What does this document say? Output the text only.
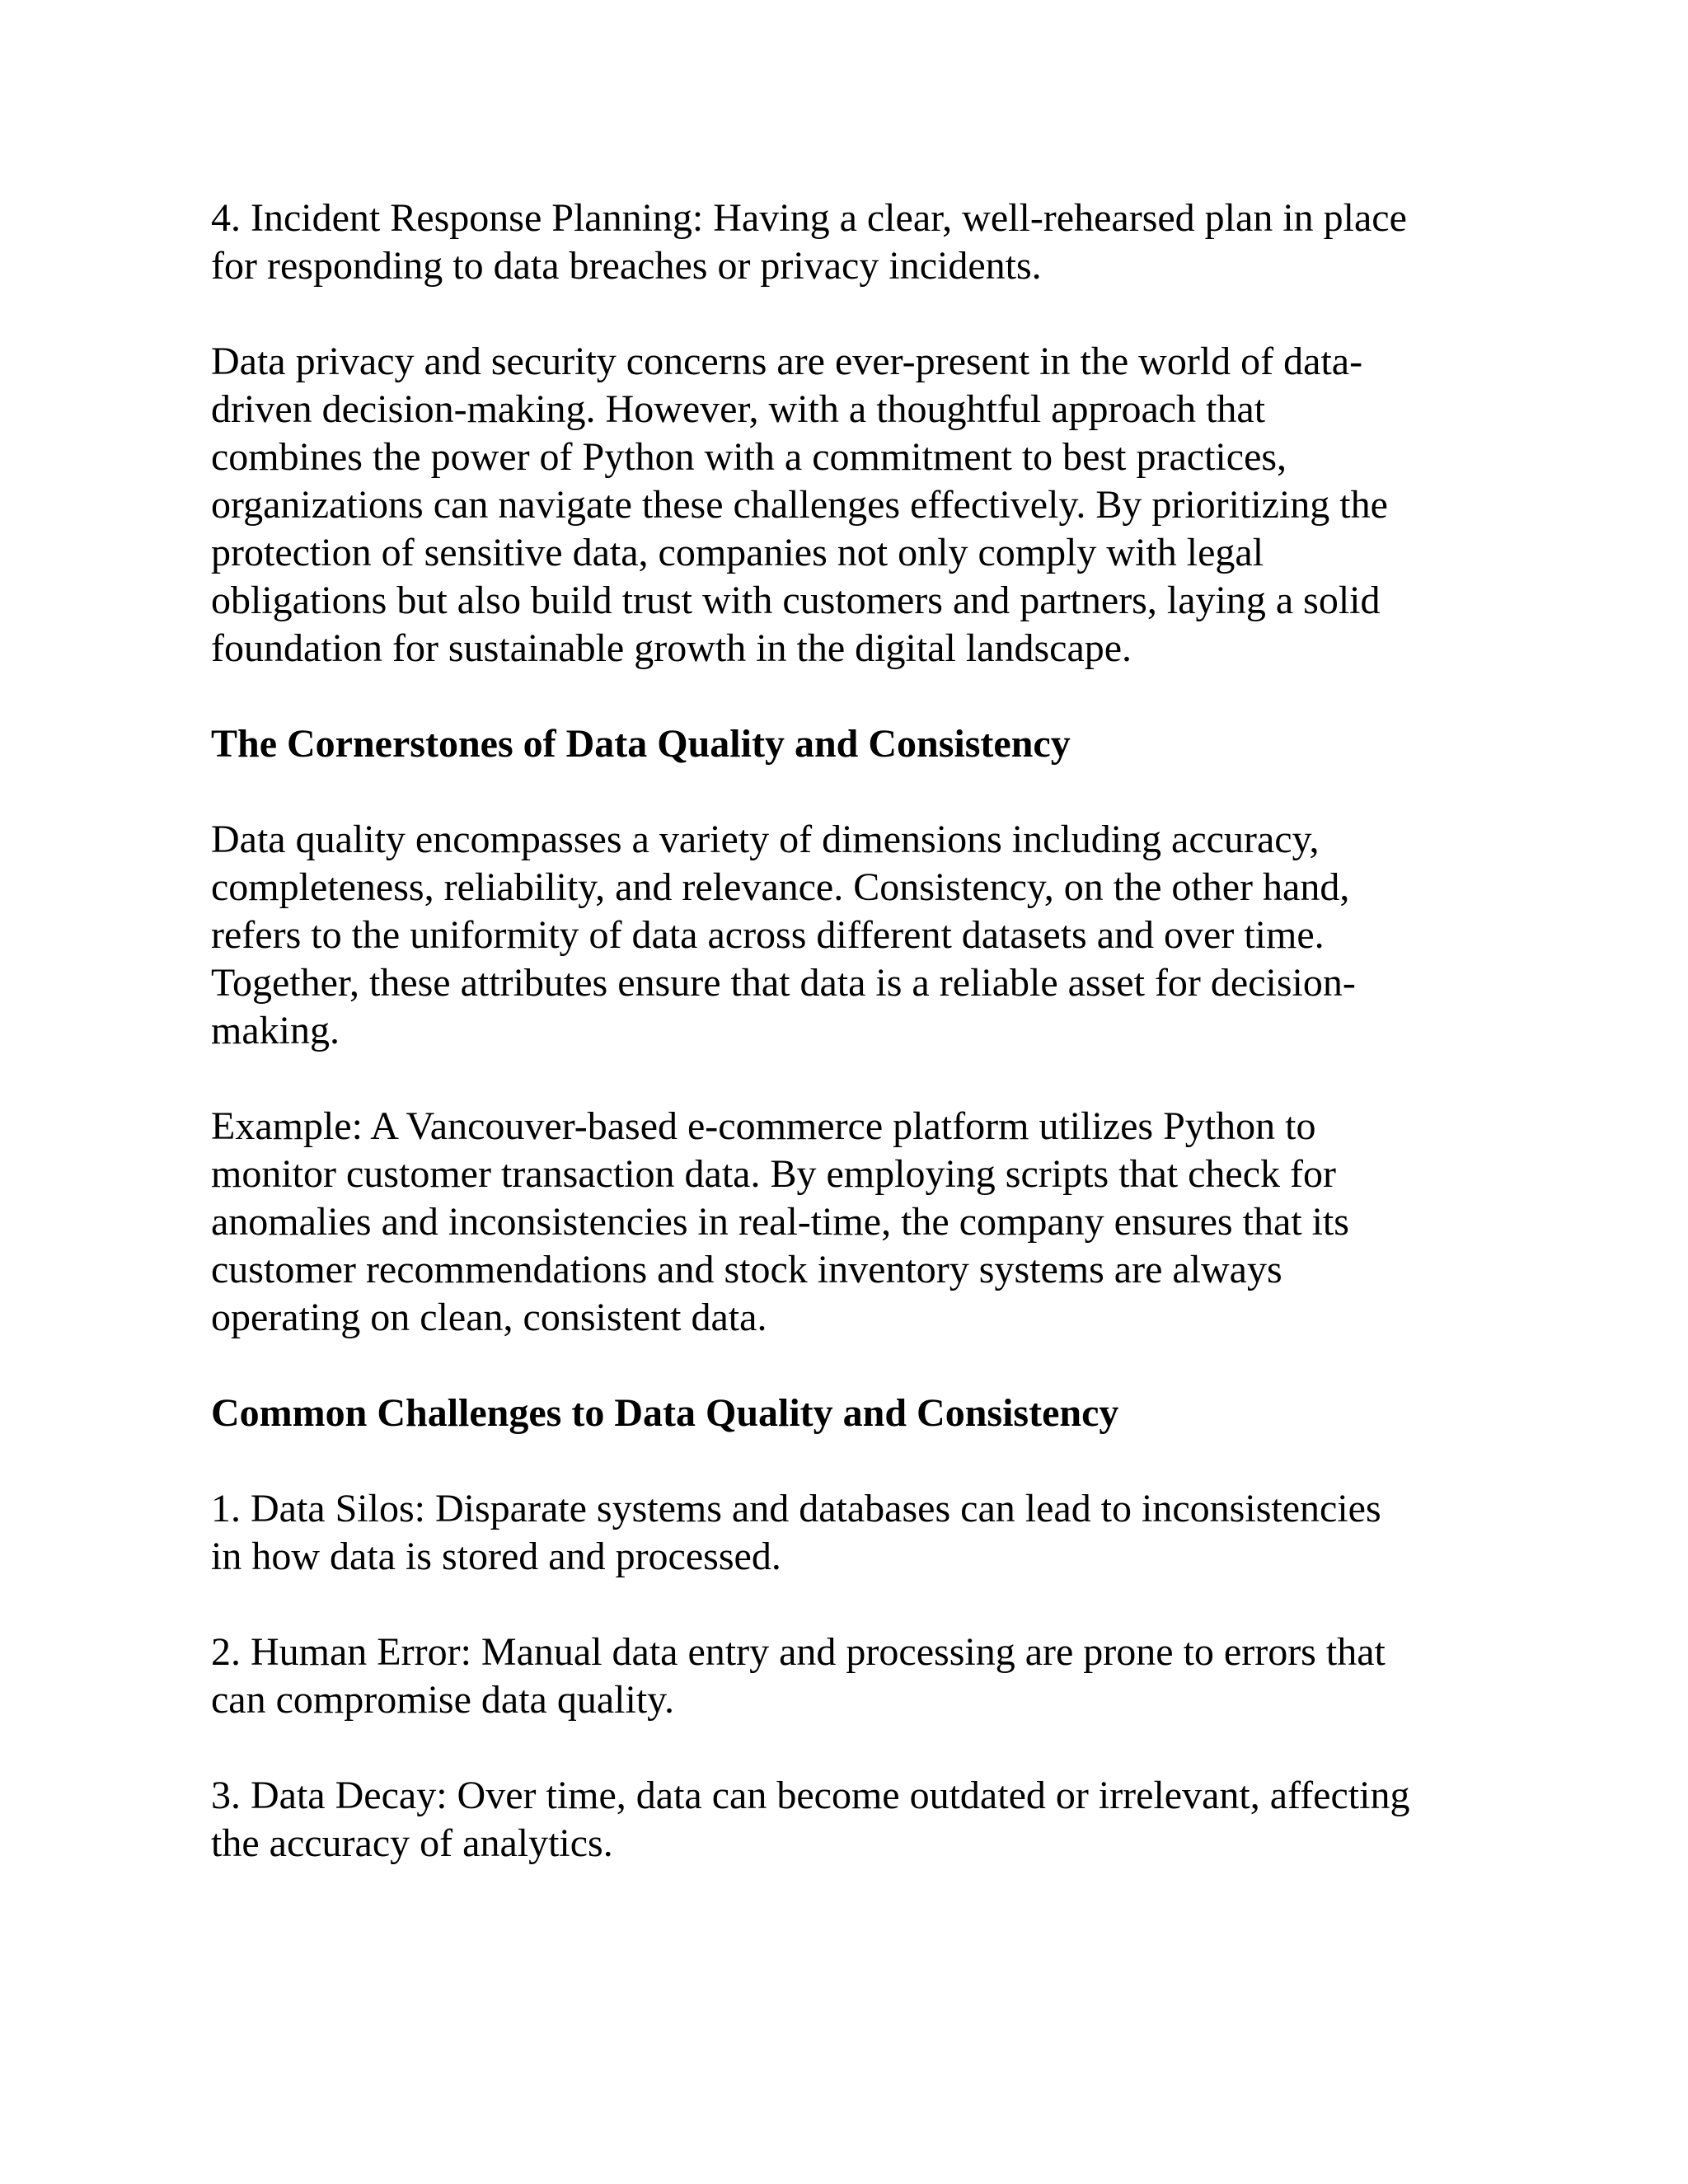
4. Incident Response Planning: Having a clear, well-rehearsed plan in place
for responding to data breaches or privacy incidents.

Data privacy and security concerns are ever-present in the world of data-
driven decision-making. However, with a thoughtful approach that
combines the power of Python with a commitment to best practices,
organizations can navigate these challenges effectively. By prioritizing the
protection of sensitive data, companies not only comply with legal
obligations but also build trust with customers and partners, laying a solid
foundation for sustainable growth in the digital landscape.

The Cornerstones of Data Quality and Consistency

Data quality encompasses a variety of dimensions including accuracy,
completeness, reliability, and relevance. Consistency, on the other hand,
refers to the uniformity of data across different datasets and over time.
Together, these attributes ensure that data is a reliable asset for decision-
making.

Example: A Vancouver-based e-commerce platform utilizes Python to
monitor customer transaction data. By employing scripts that check for
anomalies and inconsistencies in real-time, the company ensures that its
customer recommendations and stock inventory systems are always
operating on clean, consistent data.

Common Challenges to Data Quality and Consistency

1. Data Silos: Disparate systems and databases can lead to inconsistencies
in how data is stored and processed.

2. Human Error: Manual data entry and processing are prone to errors that
can compromise data quality.

3. Data Decay: Over time, data can become outdated or irrelevant, affecting
the accuracy of analytics.
